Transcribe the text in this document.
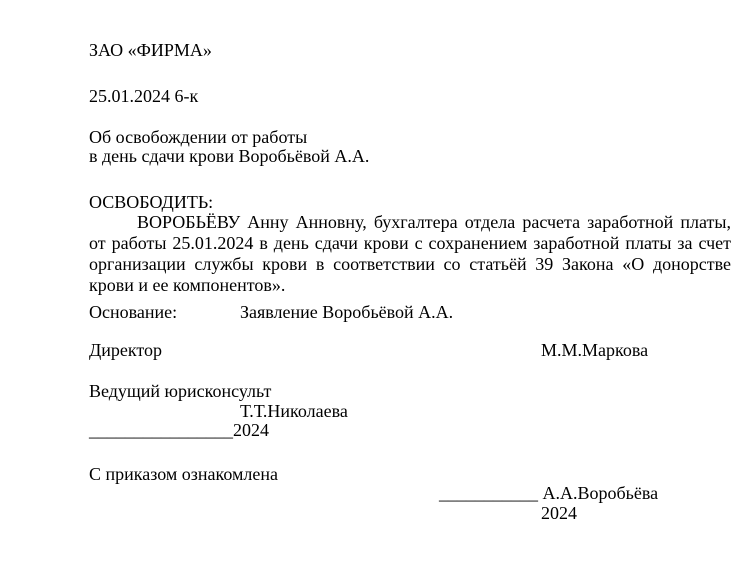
ЗАО «ФИРМА»
25.01.2024 6-к
Об освобождении от работы
в день сдачи крови Воробьёвой А.А.
ОСВОБОДИТЬ:
ВОРОБЬЁВУ Анну Анновну, бухгалтера отдела расчета заработной платы, от работы 25.01.2024 в день сдачи крови с сохранением заработной платы за счет организации службы крови в соответствии со статьёй 39 Закона «О донорстве крови и ее компонентов».
Основание:	Заявление Воробьёвой А.А.
Директор	М.М.Маркова
Ведущий юрисконсульт
Т.Т.Николаева
________________2024
С приказом ознакомлена
___________ А.А.Воробьёва
2024
